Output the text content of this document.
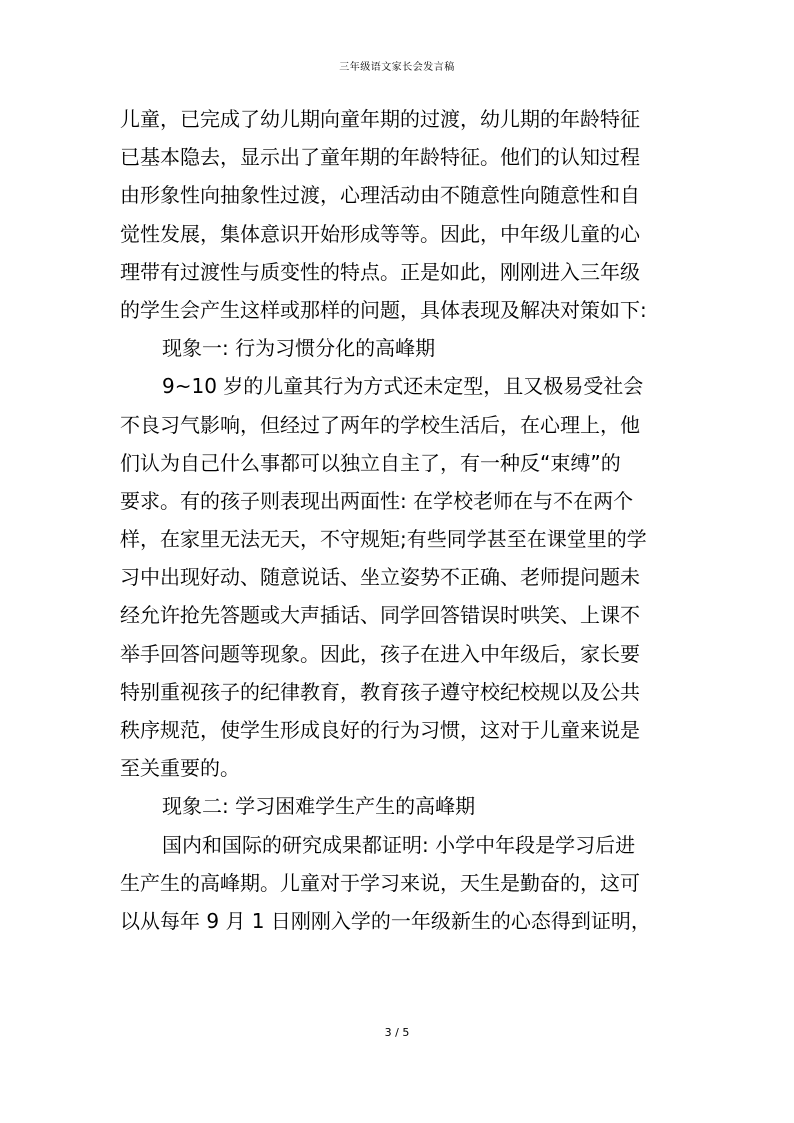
三年级语文家长会发言稿
儿童，已完成了幼儿期向童年期的过渡，幼儿期的年龄特征
已基本隐去，显示出了童年期的年龄特征。他们的认知过程
由形象性向抽象性过渡，心理活动由不随意性向随意性和自
觉性发展，集体意识开始形成等等。因此，中年级儿童的心
理带有过渡性与质变性的特点。正是如此，刚刚进入三年级
的学生会产生这样或那样的问题，具体表现及解决对策如下:
现象一: 行为习惯分化的高峰期
9~10 岁的儿童其行为方式还未定型，且又极易受社会
不良习气影响，但经过了两年的学校生活后，在心理上，他
们认为自己什么事都可以独立自主了，有一种反“束缚”的
要求。有的孩子则表现出两面性: 在学校老师在与不在两个
样，在家里无法无天，不守规矩;有些同学甚至在课堂里的学
习中出现好动、随意说话、坐立姿势不正确、老师提问题未
经允许抢先答题或大声插话、同学回答错误时哄笑、上课不
举手回答问题等现象。因此，孩子在进入中年级后，家长要
特别重视孩子的纪律教育，教育孩子遵守校纪校规以及公共
秩序规范，使学生形成良好的行为习惯，这对于儿童来说是
至关重要的。
现象二: 学习困难学生产生的高峰期
国内和国际的研究成果都证明: 小学中年段是学习后进
生产生的高峰期。儿童对于学习来说，天生是勤奋的，这可
以从每年 9 月 1 日刚刚入学的一年级新生的心态得到证明，
3 / 5
